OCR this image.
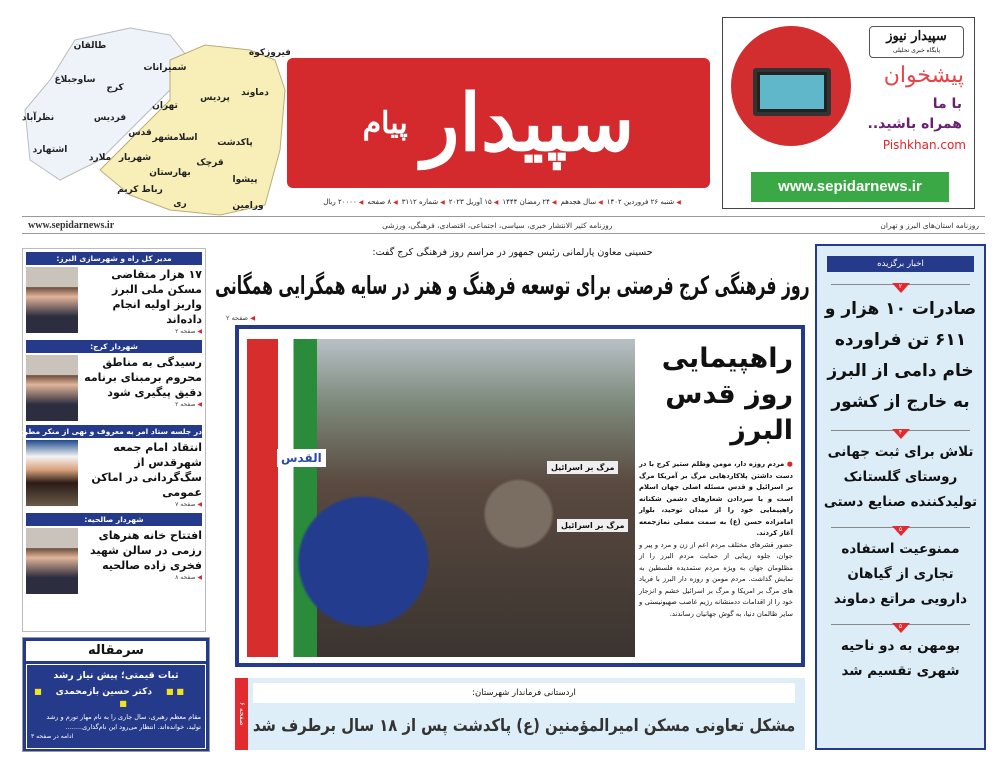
طالقان
ساوجبلاغ
کرج
نظرآباد
اشتهارد
فردیس
شمیرانات
فیروزکوه
دماوند
پردیس
تهران
قدس اسلامشهر
ملارد شهریار
بهارستان
قرچک
پاکدشت
پیشوا
رباط کریم
ری	ورامین
سپیدار
پیام
◀ شنبه ۲۶ فروردین ۱۴۰۲◀ سال هجدهم◀ ۲۴ رمضان ۱۴۴۴◀ ۱۵ آوریل ۲۰۲۳◀ شماره ۳۱۱۲◀ ۸ صفحه◀ ۲۰۰۰۰ ریال
سپیدار نیوز
پایگاه خبری تحلیلی
پیشخوان
با ما
همراه باشید..
Pishkhan.com
www.sepidarnews.ir
روزنامه استان‌های البرز و تهران
روزنامه کثیر الانتشار خبری، سیاسی، اجتماعی، اقتصادی، فرهنگی، ورزشی
www.sepidarnews.ir
مدیر کل راه و شهرسازی البرز:
۱۷ هزار متقاضی مسکن ملی البرز واریز اولیه انجام داده‌اند
◀ صفحه ۲
شهردار کرج:
رسیدگی به مناطق محروم برمبنای برنامه دقیق پیگیری شود
◀ صفحه ۲
در جلسه ستاد امر به معروف و نهی از منکر مطرح شد:
انتقاد امام جمعه شهرقدس از سگ‌گردانی در اماکن عمومی
◀ صفحه ۷
شهردار صالحیه:
افتتاح خانه هنرهای رزمی در سالن شهید فخری زاده صالحیه
◀ صفحه ۸
سرمقاله
ثبات قیمتی؛ پیش نیاز رشد
■ ■ دکتر حسین بازمحمدی ■ ■
مقام معظم رهبری، سال جاری را به نام مهار تورم و رشد تولید، خوانده‌اند. انتظار می‌رود این نام‌گذاری........
ادامه در صفحه ۳
حسینی معاون پارلمانی رئیس جمهور در مراسم روز فرهنگی کرج گفت:
روز فرهنگی کرج فرصتی برای توسعه فرهنگ و هنر در سایه همگرایی همگانی
◀ صفحه ۲
مرگ بر اسرائیل
مرگ بر اسرائیل
القدس
راهپیمایی روز قدس البرز
● مردم روزه دار، مومن وظلم ستیز کرج با در دست داشتن پلاکاردهایی مرگ بر آمریکا مرگ بر اسرائیل و قدس مسئله اصلی جهان اسلام است و با سردادن شعارهای دشمن شکنانه راهپیمایی خود را از میدان توحید، بلوار امامزاده حسن (ع) به سمت مصلی نمازجمعه آغاز کردند.
حضور قشرهای مختلف مردم اعم از زن و مرد و پیر و جوان، جلوه زیبایی از حمایت مردم البرز را از مظلومان جهان به ویژه مردم ستمدیده فلسطین به نمایش گذاشت. مردم مومن و روزه دار البرز با فریاد های مرگ بر امریکا و مرگ بر اسرائیل خشم و انزجار خود را از اقدامات ددمنشانه رژیم غاصب صهیونیستی و سایر ظالمان دنیا، به گوش جهانیان رساندند.
صفحه ۶
اردستانی فرماندار شهرستان:
مشکل تعاونی مسکن امیرالمؤمنین (ع) پاکدشت پس از ۱۸ سال برطرف شد
اخبار برگزیده
۲
صادرات ۱۰ هزار و ۶۱۱ تن فراورده خام دامی از البرز به خارج از کشور
۴
تلاش برای ثبت جهانی روستای گلستانک تولیدکننده صنایع دستی
۵
ممنوعیت استفاده تجاری از گیاهان دارویی مراتع دماوند
۵
بومهن به دو ناحیه شهری تقسیم شد
